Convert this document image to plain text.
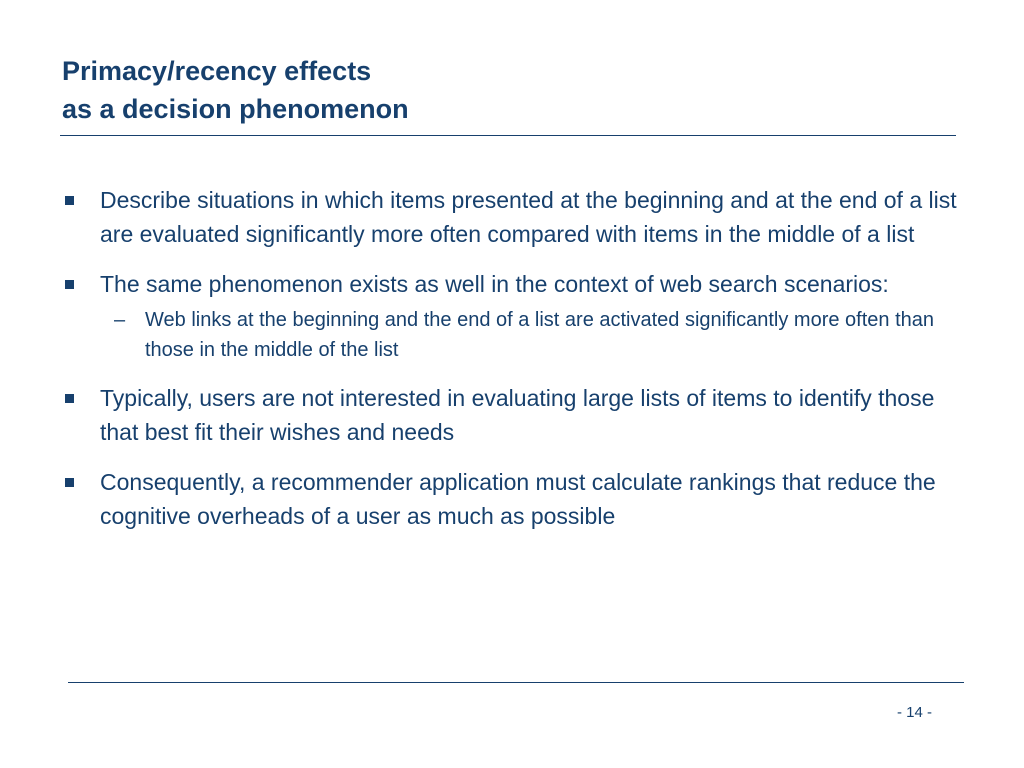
Primacy/recency effects
as a decision phenomenon
Describe situations in which items presented at the beginning and at the end of a list are evaluated significantly more often compared with items in the middle of a list
The same phenomenon exists as well in the context of web search scenarios:
– Web links at the beginning and the end of a list are activated significantly more often than those in the middle of the list
Typically, users are not interested in evaluating large lists of items to identify those that best fit their wishes and needs
Consequently, a recommender application must calculate rankings that reduce the cognitive overheads of a user as much as possible
- 14 -
